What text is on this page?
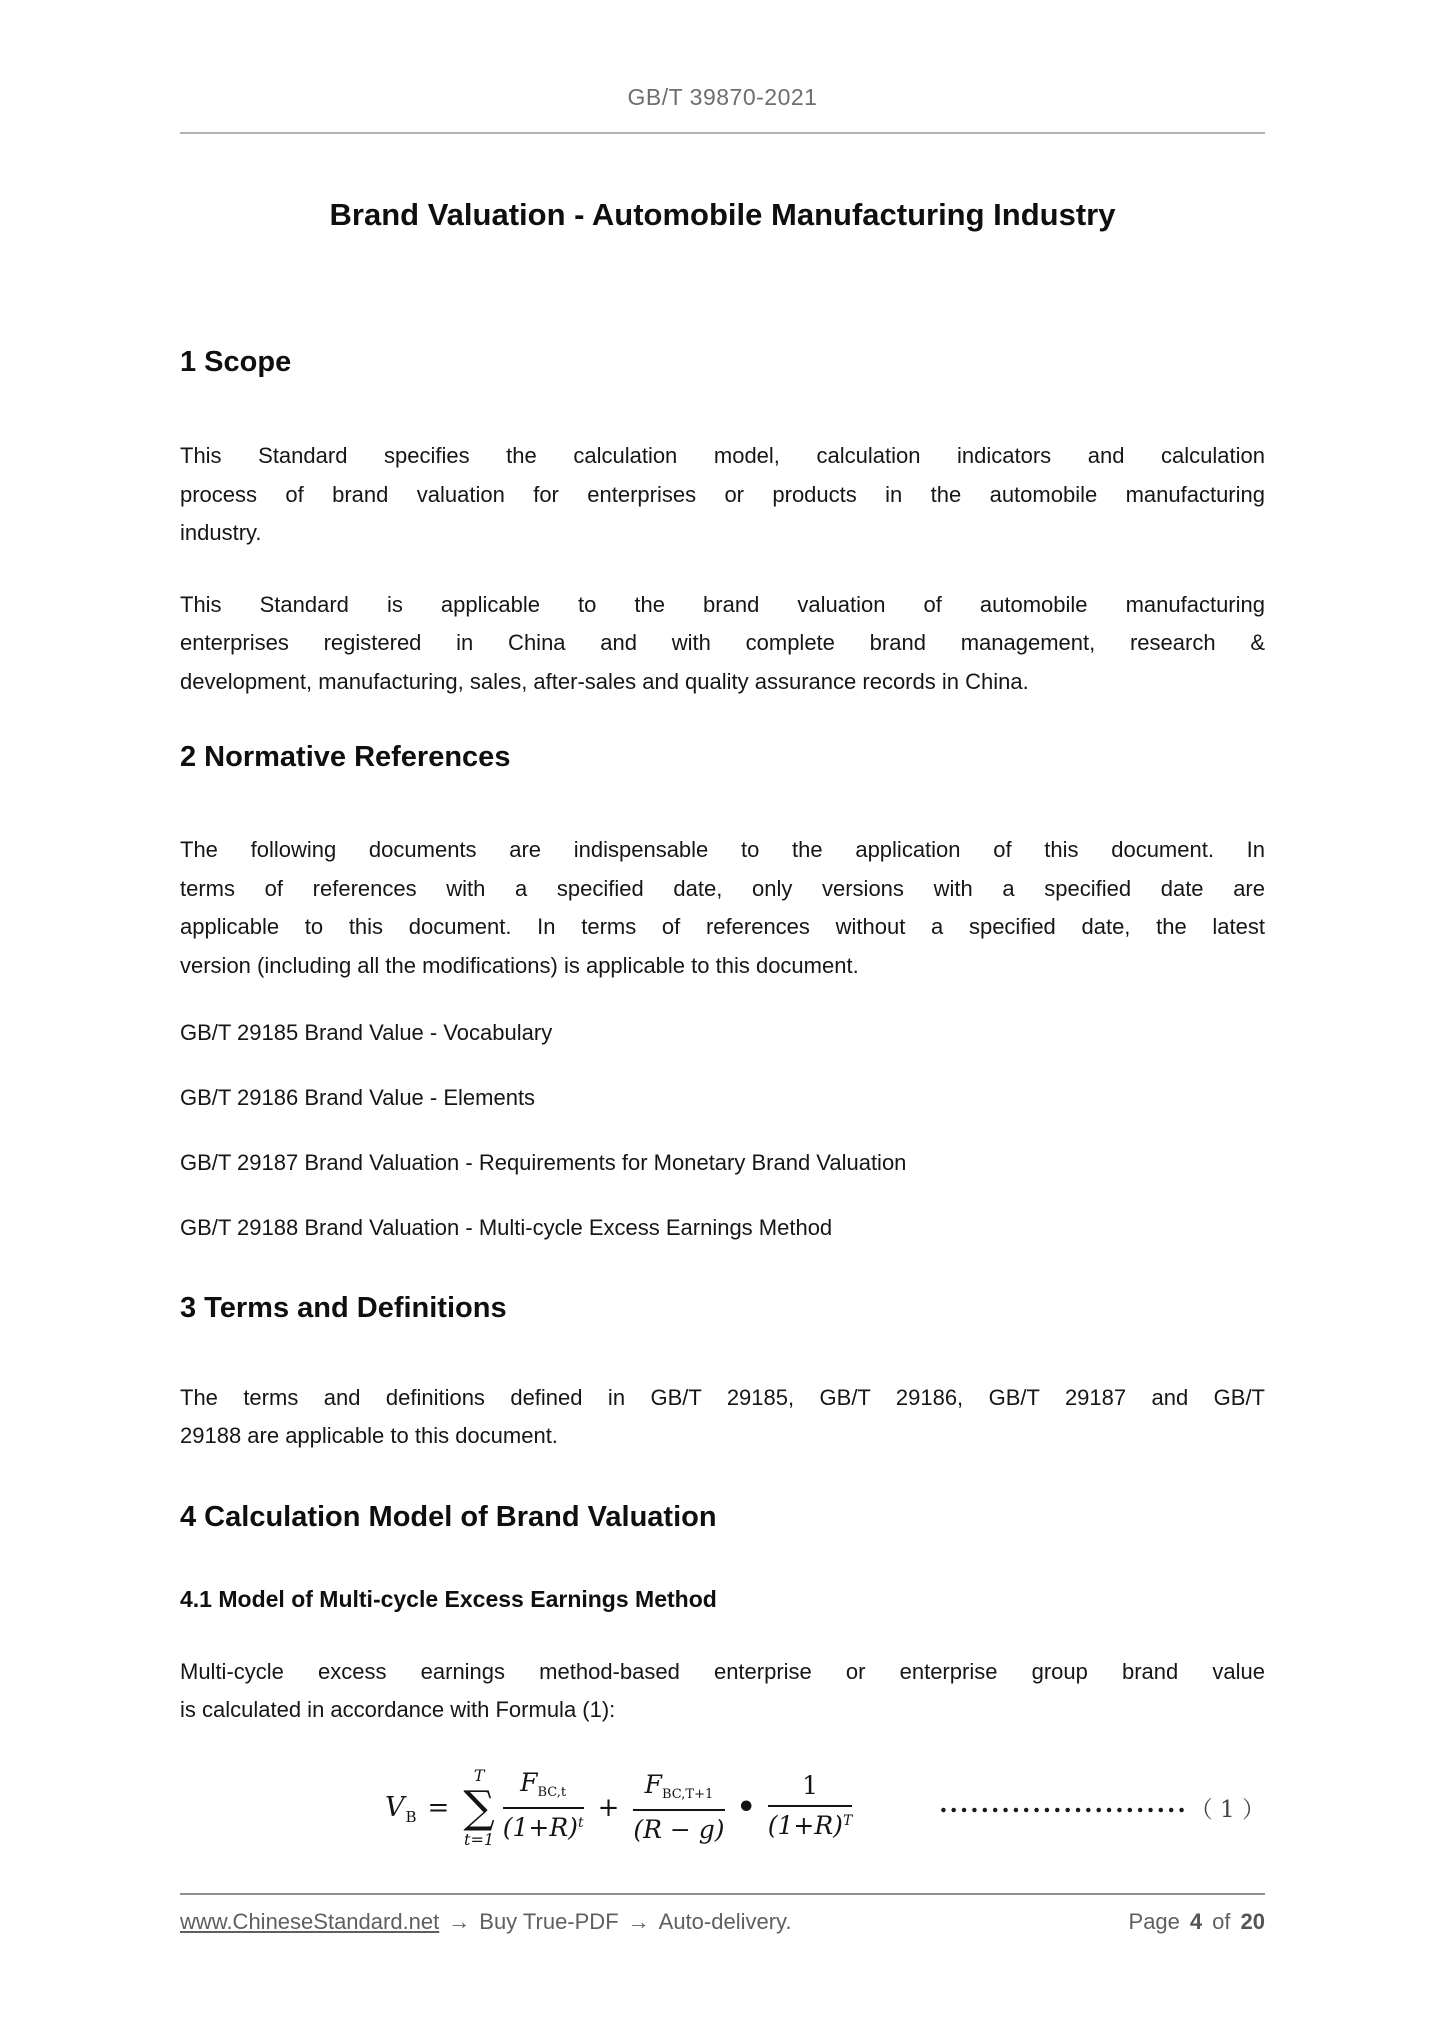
GB/T 39870-2021
Brand Valuation - Automobile Manufacturing Industry
1 Scope
This Standard specifies the calculation model, calculation indicators and calculation
process of brand valuation for enterprises or products in the automobile manufacturing
industry.
This Standard is applicable to the brand valuation of automobile manufacturing
enterprises registered in China and with complete brand management, research &
development, manufacturing, sales, after-sales and quality assurance records in China.
2 Normative References
The following documents are indispensable to the application of this document. In
terms of references with a specified date, only versions with a specified date are
applicable to this document. In terms of references without a specified date, the latest
version (including all the modifications) is applicable to this document.
GB/T 29185 Brand Value - Vocabulary
GB/T 29186 Brand Value - Elements
GB/T 29187 Brand Valuation - Requirements for Monetary Brand Valuation
GB/T 29188 Brand Valuation - Multi-cycle Excess Earnings Method
3 Terms and Definitions
The terms and definitions defined in GB/T 29185, GB/T 29186, GB/T 29187 and GB/T
29188 are applicable to this document.
4 Calculation Model of Brand Valuation
4.1 Model of Multi-cycle Excess Earnings Method
Multi-cycle excess earnings method-based enterprise or enterprise group brand value
is calculated in accordance with Formula (1):
V B =
T
∑
$t=1 \frac{F_{BC,t}}{(1+R)^t} + \frac{F_{BC,T+1}}{(R - g)}$ • $\frac{1}{(1+R)^T}$	........................ （ 1 ）
www.ChineseStandard.net → Buy True-PDF → Auto-delivery.	Page 4 of 20
